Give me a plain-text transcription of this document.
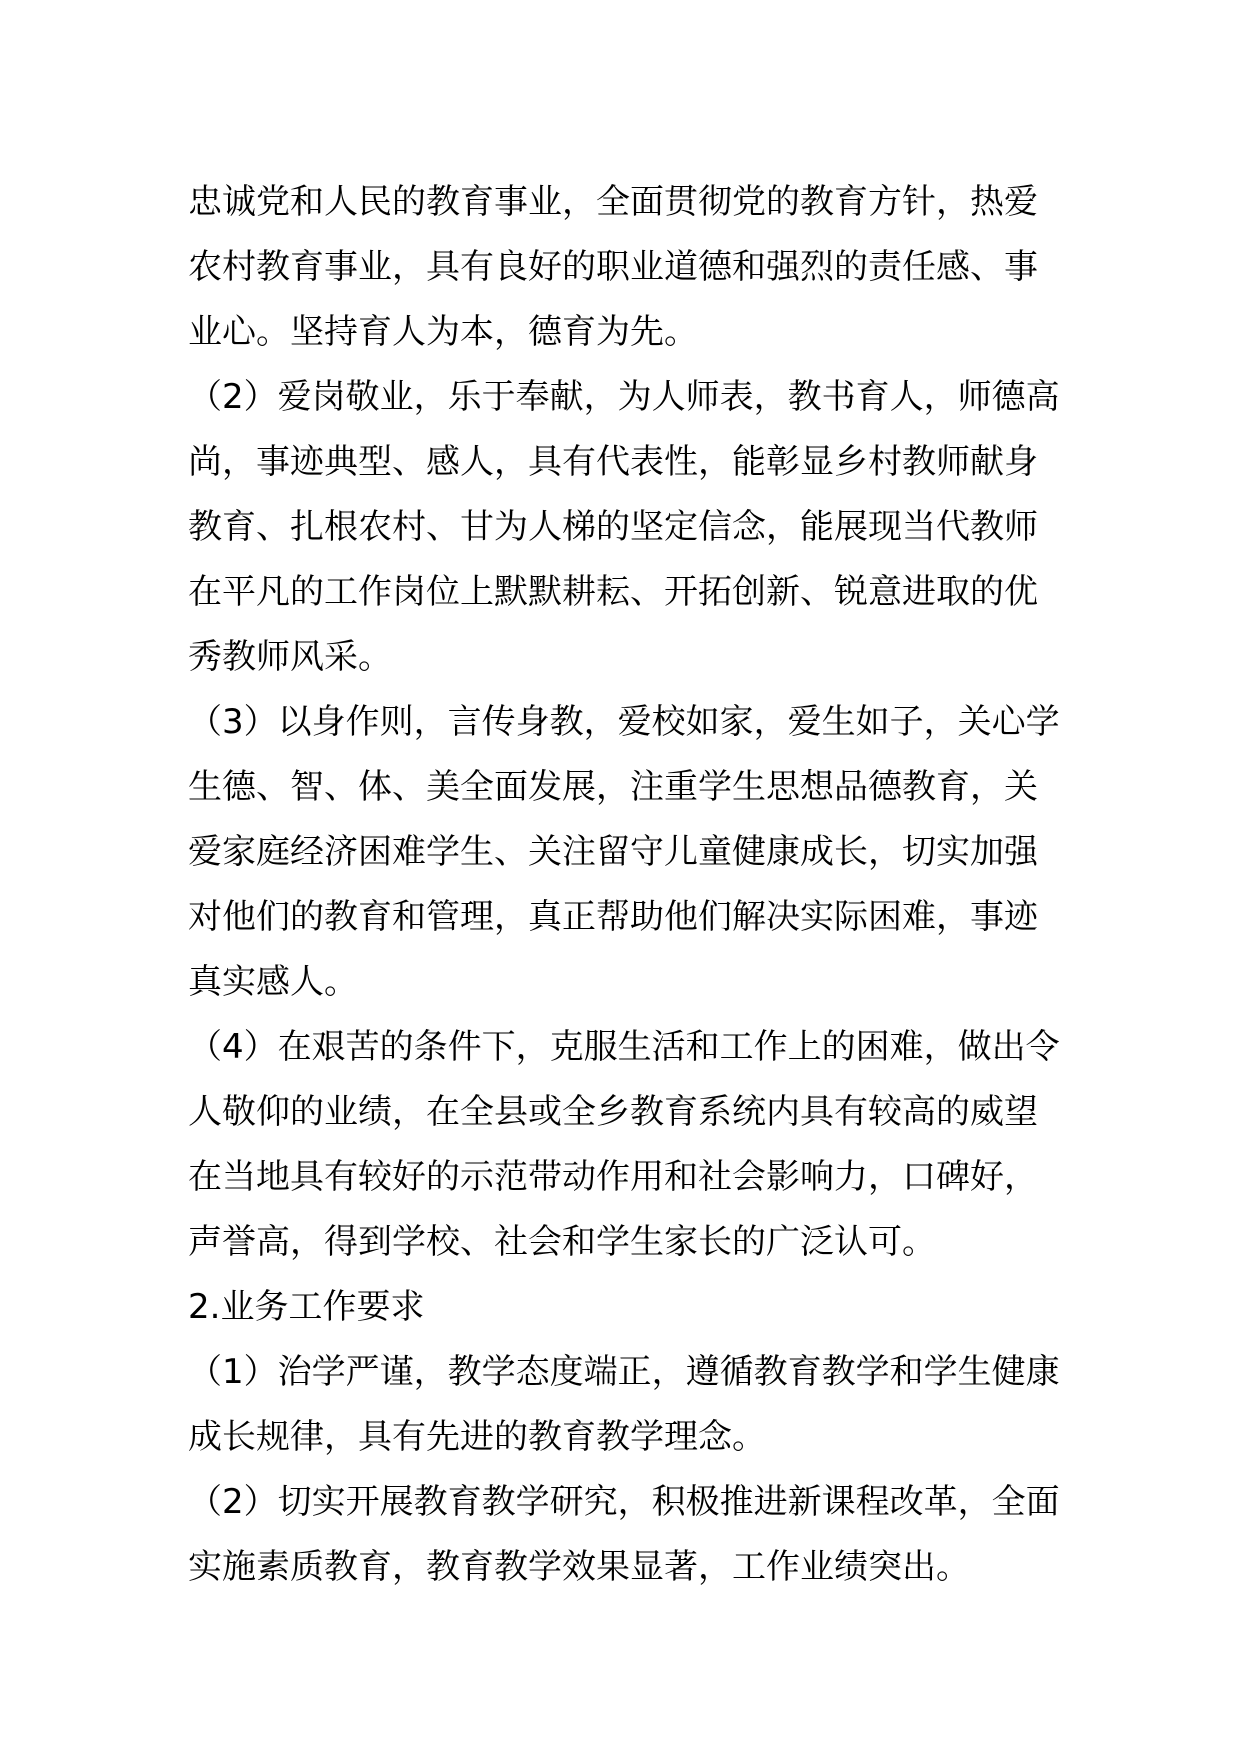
忠诚党和人民的教育事业，全面贯彻党的教育方针，热爱农村教育事业，具有良好的职业道德和强烈的责任感、事业心。坚持育人为本，德育为先。

（2）爱岗敬业，乐于奉献，为人师表，教书育人，师德高尚，事迹典型、感人，具有代表性，能彰显乡村教师献身教育、扎根农村、甘为人梯的坚定信念，能展现当代教师在平凡的工作岗位上默默耕耘、开拓创新、锐意进取的优秀教师风采。

（3）以身作则，言传身教，爱校如家，爱生如子，关心学生德、智、体、美全面发展，注重学生思想品德教育，关爱家庭经济困难学生、关注留守儿童健康成长，切实加强对他们的教育和管理，真正帮助他们解决实际困难，事迹真实感人。

（4）在艰苦的条件下，克服生活和工作上的困难，做出令人敬仰的业绩，在全县或全乡教育系统内具有较高的威望在当地具有较好的示范带动作用和社会影响力，口碑好，声誉高，得到学校、社会和学生家长的广泛认可。

2.业务工作要求

（1）治学严谨，教学态度端正，遵循教育教学和学生健康成长规律，具有先进的教育教学理念。

（2）切实开展教育教学研究，积极推进新课程改革，全面实施素质教育，教育教学效果显著，工作业绩突出。
